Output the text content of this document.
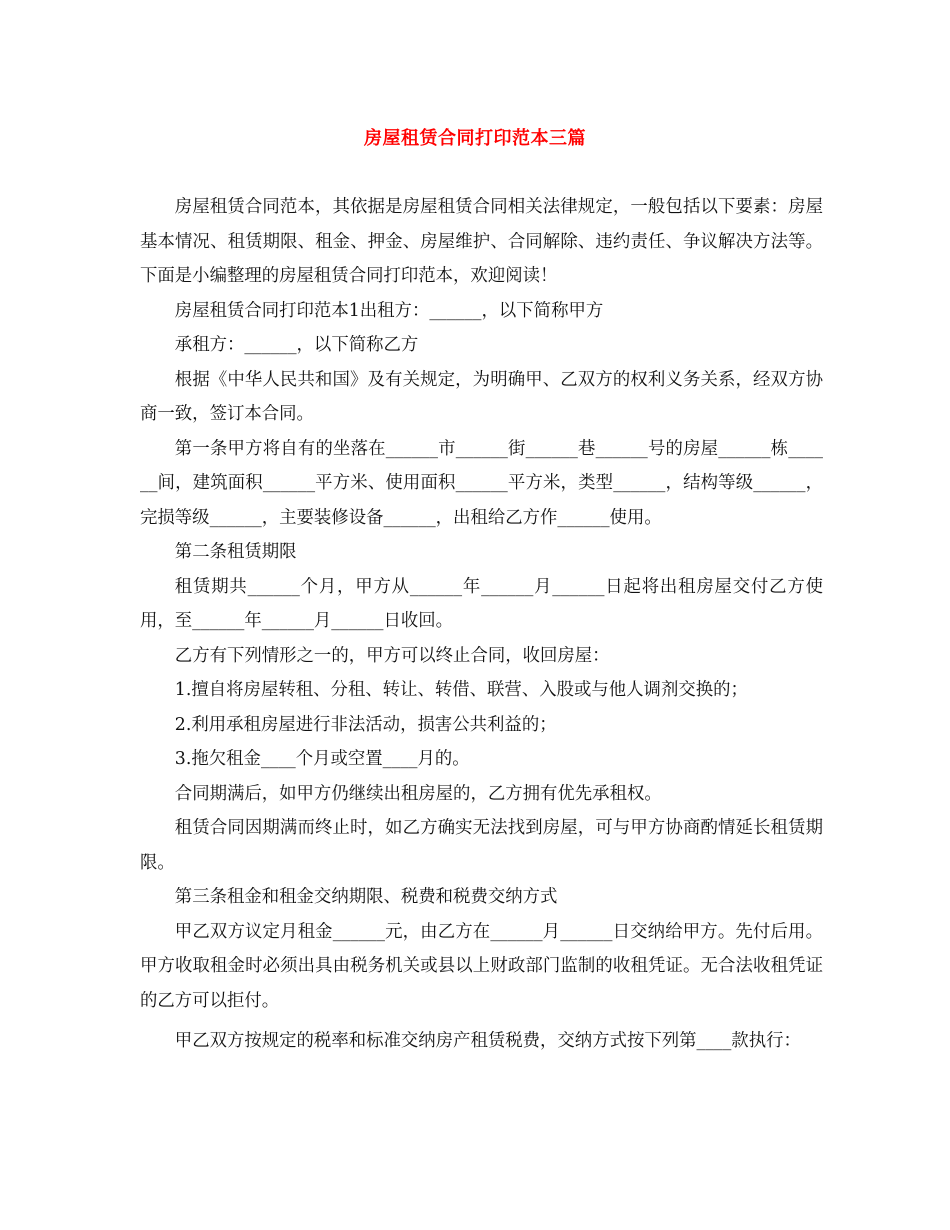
房屋租赁合同打印范本三篇

房屋租赁合同范本，其依据是房屋租赁合同相关法律规定，一般包括以下要素：房屋基本情况、租赁期限、租金、押金、房屋维护、合同解除、违约责任、争议解决方法等。下面是小编整理的房屋租赁合同打印范本，欢迎阅读！

房屋租赁合同打印范本1出租方：______，以下简称甲方

承租方：______，以下简称乙方

根据《中华人民共和国》及有关规定，为明确甲、乙双方的权利义务关系，经双方协商一致，签订本合同。

第一条甲方将自有的坐落在______市______街______巷______号的房屋______栋______间，建筑面积______平方米、使用面积______平方米，类型______，结构等级______，完损等级______，主要装修设备______，出租给乙方作______使用。

第二条租赁期限

租赁期共______个月，甲方从______年______月______日起将出租房屋交付乙方使用，至______年______月______日收回。

乙方有下列情形之一的，甲方可以终止合同，收回房屋：

1.擅自将房屋转租、分租、转让、转借、联营、入股或与他人调剂交换的；

2.利用承租房屋进行非法活动，损害公共利益的；

3.拖欠租金____个月或空置____月的。

合同期满后，如甲方仍继续出租房屋的，乙方拥有优先承租权。

租赁合同因期满而终止时，如乙方确实无法找到房屋，可与甲方协商酌情延长租赁期限。

第三条租金和租金交纳期限、税费和税费交纳方式

甲乙双方议定月租金______元，由乙方在______月______日交纳给甲方。先付后用。甲方收取租金时必须出具由税务机关或县以上财政部门监制的收租凭证。无合法收租凭证的乙方可以拒付。

甲乙双方按规定的税率和标准交纳房产租赁税费，交纳方式按下列第____款执行：
